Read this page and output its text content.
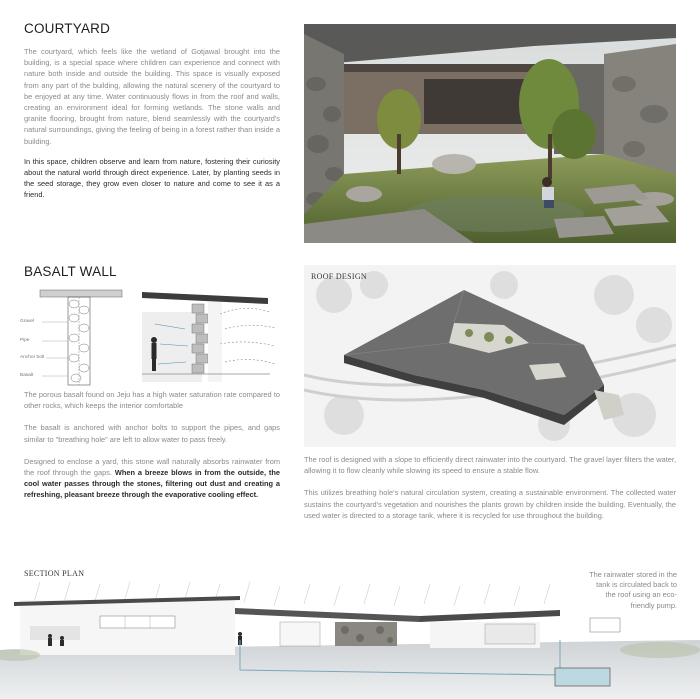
COURTYARD

The courtyard, which feels like the wetland of Gotjawal brought into the building, is a special space where children can experience and connect with nature both inside and outside the building. This space is visually exposed from any part of the building, allowing the natural scenery of the courtyard to be enjoyed at any time. Water continuously flows in from the roof and walls, creating an environment ideal for forming wetlands. The stone walls and granite flooring, brought from nature, blend seamlessly with the courtyard's natural surroundings, giving the feeling of being in a forest rather than inside a building.

In this space, children observe and learn from nature, fostering their curiosity about the natural world through direct experience. Later, by planting seeds in the seed storage, they grow even closer to nature and come to see it as a friend.

BASALT WALL
Gravel
Pipe
Anchor bolt
Basalt

The porous basalt found on Jeju has a high water saturation rate compared to other rocks, which keeps the interior comfortable

The basalt is anchored with anchor bolts to support the pipes, and gaps similar to "breathing hole" are left to allow water to pass freely.

Designed to enclose a yard, this stone wall naturally absorbs rainwater from the roof through the gaps. When a breeze blows in from the outside, the cool water passes through the stones, filtering out dust and creating a refreshing, pleasant breeze through the evaporative cooling effect.

ROOF DESIGN

The roof is designed with a slope to efficiently direct rainwater into the courtyard. The gravel layer filters the water, allowing it to flow cleanly while slowing its speed to ensure a stable flow.

This utilizes breathing hole's natural circulation system, creating a sustainable environment. The collected water sustains the courtyard's vegetation and nourishes the plants grown by children inside the building. Eventually, the used water is directed to a storage tank, where it is recycled for use throughout the building.

SECTION PLAN	The rainwater stored in the tank is circulated back to the roof using an eco-friendly pump.
